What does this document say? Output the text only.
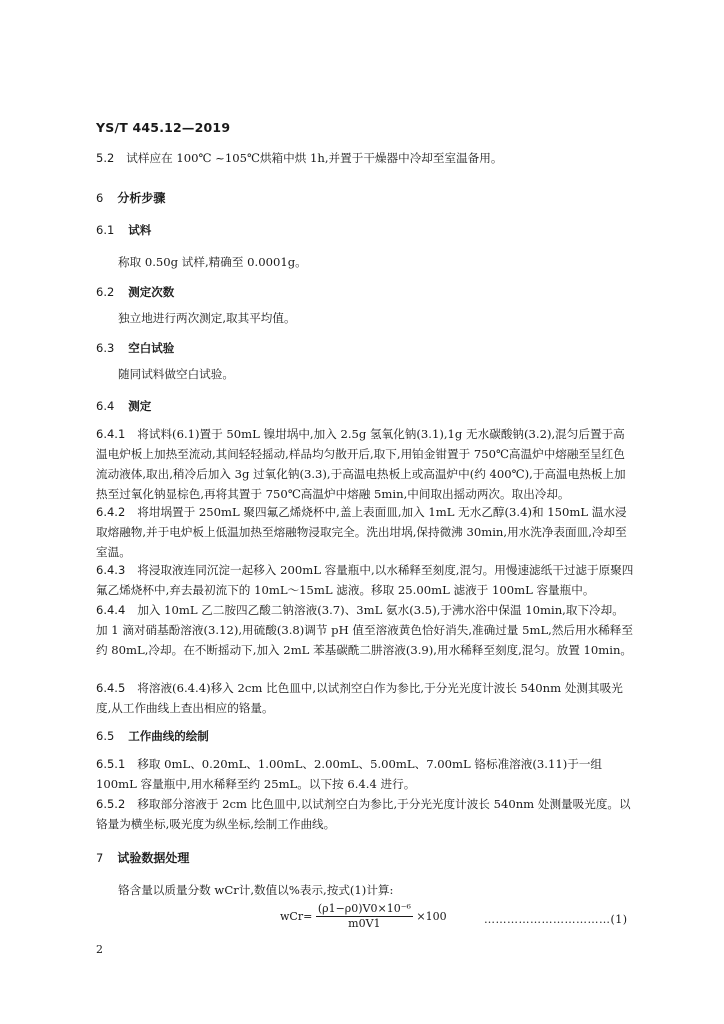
YS/T 445.12—2019
5.2 试样应在 100℃ ~105℃烘箱中烘 1h,并置于干燥器中冷却至室温备用。
6 分析步骤
6.1 试料
称取 0.50g 试样,精确至 0.0001g。
6.2 测定次数
独立地进行两次测定,取其平均值。
6.3 空白试验
随同试料做空白试验。
6.4 测定
6.4.1 将试料(6.1)置于 50mL 镍坩埚中,加入 2.5g 氢氧化钠(3.1),1g 无水碳酸钠(3.2),混匀后置于高温电炉板上加热至流动,其间轻轻摇动,样品均匀散开后,取下,用铂金钳置于 750℃高温炉中熔融至呈红色流动液体,取出,稍冷后加入 3g 过氧化钠(3.3),于高温电热板上或高温炉中(约 400℃),于高温电热板上加热至过氧化钠显棕色,再将其置于 750℃高温炉中熔融 5min,中间取出摇动两次。取出冷却。
6.4.2 将坩埚置于 250mL 聚四氟乙烯烧杯中,盖上表面皿,加入 1mL 无水乙醇(3.4)和 150mL 温水浸取熔融物,并于电炉板上低温加热至熔融物浸取完全。洗出坩埚,保持微沸 30min,用水洗净表面皿,冷却至室温。
6.4.3 将浸取液连同沉淀一起移入 200mL 容量瓶中,以水稀释至刻度,混匀。用慢速滤纸干过滤于原聚四氟乙烯烧杯中,弃去最初流下的 10mL～15mL 滤液。移取 25.00mL 滤液于 100mL 容量瓶中。
6.4.4 加入 10mL 乙二胺四乙酸二钠溶液(3.7)、3mL 氨水(3.5),于沸水浴中保温 10min,取下冷却。加 1 滴对硝基酚溶液(3.12),用硫酸(3.8)调节 pH 值至溶液黄色恰好消失,准确过量 5mL,然后用水稀释至约 80mL,冷却。在不断摇动下,加入 2mL 苯基碳酰二肼溶液(3.9),用水稀释至刻度,混匀。放置 10min。
6.4.5 将溶液(6.4.4)移入 2cm 比色皿中,以试剂空白作为参比,于分光光度计波长 540nm 处测其吸光度,从工作曲线上查出相应的铬量。
6.5 工作曲线的绘制
6.5.1 移取 0mL、0.20mL、1.00mL、2.00mL、5.00mL、7.00mL 铬标准溶液(3.11)于一组 100mL 容量瓶中,用水稀释至约 25mL。以下按 6.4.4 进行。
6.5.2 移取部分溶液于 2cm 比色皿中,以试剂空白为参比,于分光光度计波长 540nm 处测量吸光度。以铬量为横坐标,吸光度为纵坐标,绘制工作曲线。
7 试验数据处理
铬含量以质量分数 wCr计,数值以%表示,按式(1)计算:
$wCr= \frac{\text{(ρ1−ρ0)V0×10⁻⁶}}{m0V1} \times 100$	……………………………(1)
2
